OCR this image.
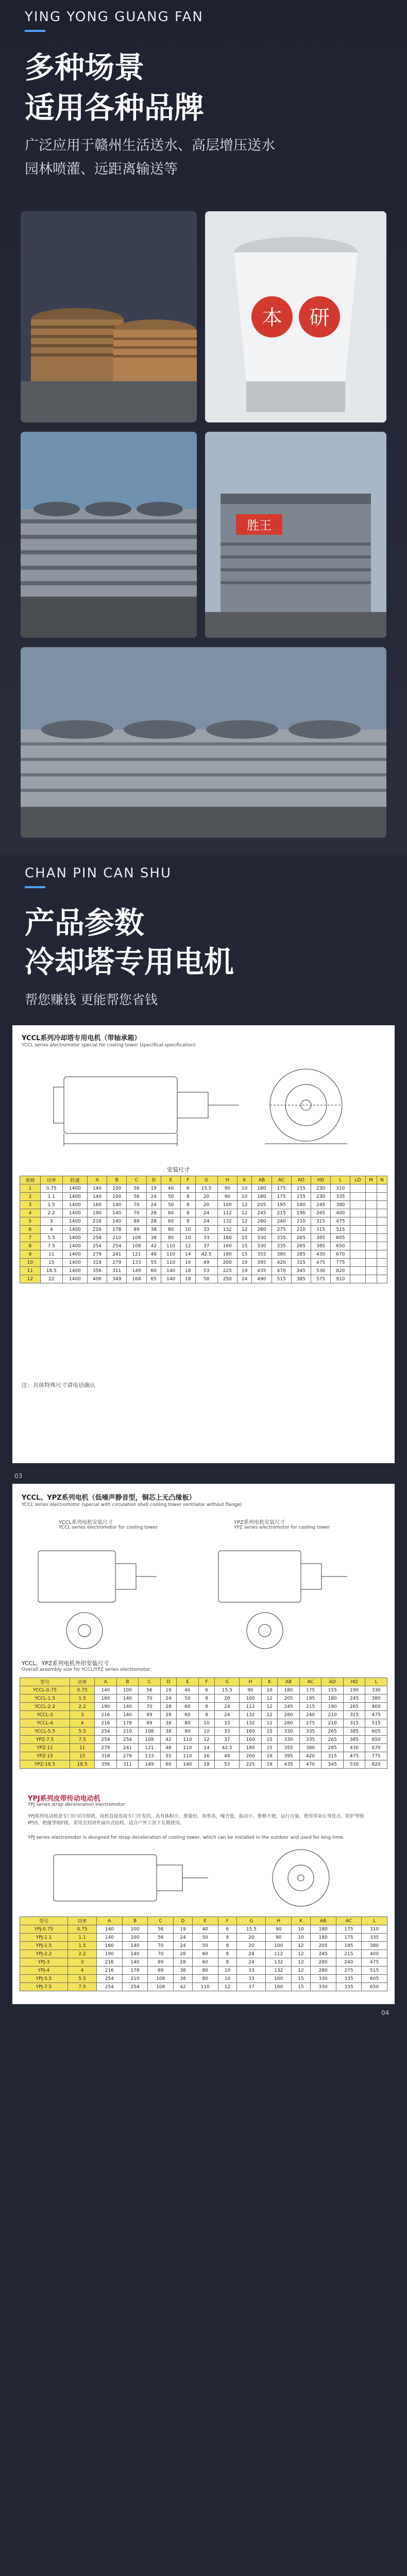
YING YONG GUANG FAN
多种场景
适用各种品牌
广泛应用于赣州生活送水、高层增压送水
园林喷灌、远距离输送等
本 研
胜王
CHAN PIN CAN SHU
产品参数
冷却塔专用电机
帮您赚钱 更能帮您省钱
YCCL系列冷却塔专用电机（带轴承箱）
YCCL series electromotor special for cooling tower (specifical specification)
安装尺寸
规格	功率	转速	A	B	C	D	E	F	G	H	K	AB	AC	AD	HD	L	LD	M	N
1	0.75	1400	140	100	56	19	40	6	15.5	90	10	180	175	155	230	310			
2	1.1	1400	140	100	56	24	50	8	20	90	10	180	175	155	230	335			
3	1.5	1400	160	140	70	24	50	8	20	100	12	205	195	180	245	380			
4	2.2	1400	190	140	70	28	60	8	24	112	12	245	215	190	265	400			
5	3	1400	216	140	89	28	60	8	24	132	12	280	240	210	315	475			
6	4	1400	216	178	89	38	80	10	33	132	12	280	275	210	315	515			
7	5.5	1400	254	210	108	38	80	10	33	160	15	330	335	265	385	605			
8	7.5	1400	254	254	108	42	110	12	37	160	15	330	335	265	385	650			
9	11	1400	279	241	121	48	110	14	42.5	180	15	355	380	285	430	670			
10	15	1400	318	279	133	55	110	16	49	200	19	395	420	315	475	775			
11	18.5	1400	356	311	149	60	140	18	53	225	19	435	470	345	530	820			
12	22	1400	406	349	168	65	140	18	58	250	24	490	515	385	575	910			
注：具体特殊尺寸请电话确认
03
YCCL、YPZ系列电机（低噪声静音型，铜芯上无凸缘板）
YCCL series electromotor (special with circulation shell cooling tower ventilator without flange)
YCCL系列电机安装尺寸
YCCL series electromotor for cooling tower
YPZ系列电机安装尺寸
YPZ series electromotor for cooling tower
YCCL、YPZ系列电机外形安装尺寸
Overall assembly size for YCCL/YPZ series electromotor
型号	功率	A	B	C	D	E	F	G	H	K	AB	AC	AD	HD	L
YCCL-0.75	0.75	140	100	56	19	40	6	15.5	90	10	180	175	155	190	330
YCCL-1.5	1.5	160	140	70	24	50	8	20	100	12	205	195	180	245	380
YCCL-2.2	2.2	190	140	70	28	60	8	24	112	12	245	215	190	265	400
YCCL-3	3	216	140	89	28	60	8	24	132	12	280	240	210	315	475
YCCL-4	4	216	178	89	38	80	10	33	132	12	280	275	210	315	515
YCCL-5.5	5.5	254	210	108	38	80	10	33	160	15	330	335	265	385	605
YPZ-7.5	7.5	254	254	108	42	110	12	37	160	15	330	335	265	385	650
YPZ-11	11	279	241	121	48	110	14	42.5	180	15	355	380	285	430	670
YPZ-15	15	318	279	133	55	110	16	49	200	19	395	420	315	475	775
YPZ-18.5	18.5	356	311	149	60	140	18	53	225	19	435	470	345	530	820
YPJ系列皮带传动电动机
YPJ series strap deceleration electromotor
YPJ系列电动机是专门针对冷却塔，风机直接连接专门开发的，具有体积小，重量轻，效率高，噪音低，振动小，维修方便，运行可靠，使用寿命长等优点。防护等级IP55，绝缘等级F级，采用全封闭外扇冷式结构，适合户外工况下长期使用。
YPJ series electromotor is designed for strap deceleration of cooling tower, which can be installed in the outdoor and used for long time.
型号	功率	A	B	C	D	E	F	G	H	K	AB	AC	L
YPJ-0.75	0.75	140	100	56	19	40	6	15.5	90	10	180	175	310
YPJ-1.1	1.1	140	100	56	24	50	8	20	90	10	180	175	335
YPJ-1.5	1.5	160	140	70	24	50	8	20	100	12	205	195	380
YPJ-2.2	2.2	190	140	70	28	60	8	24	112	12	245	215	400
YPJ-3	3	216	140	89	28	60	8	24	132	12	280	240	475
YPJ-4	4	216	178	89	38	80	10	33	132	12	280	275	515
YPJ-5.5	5.5	254	210	108	38	80	10	33	160	15	330	335	605
YPJ-7.5	7.5	254	254	108	42	110	12	37	160	15	330	335	650
04
